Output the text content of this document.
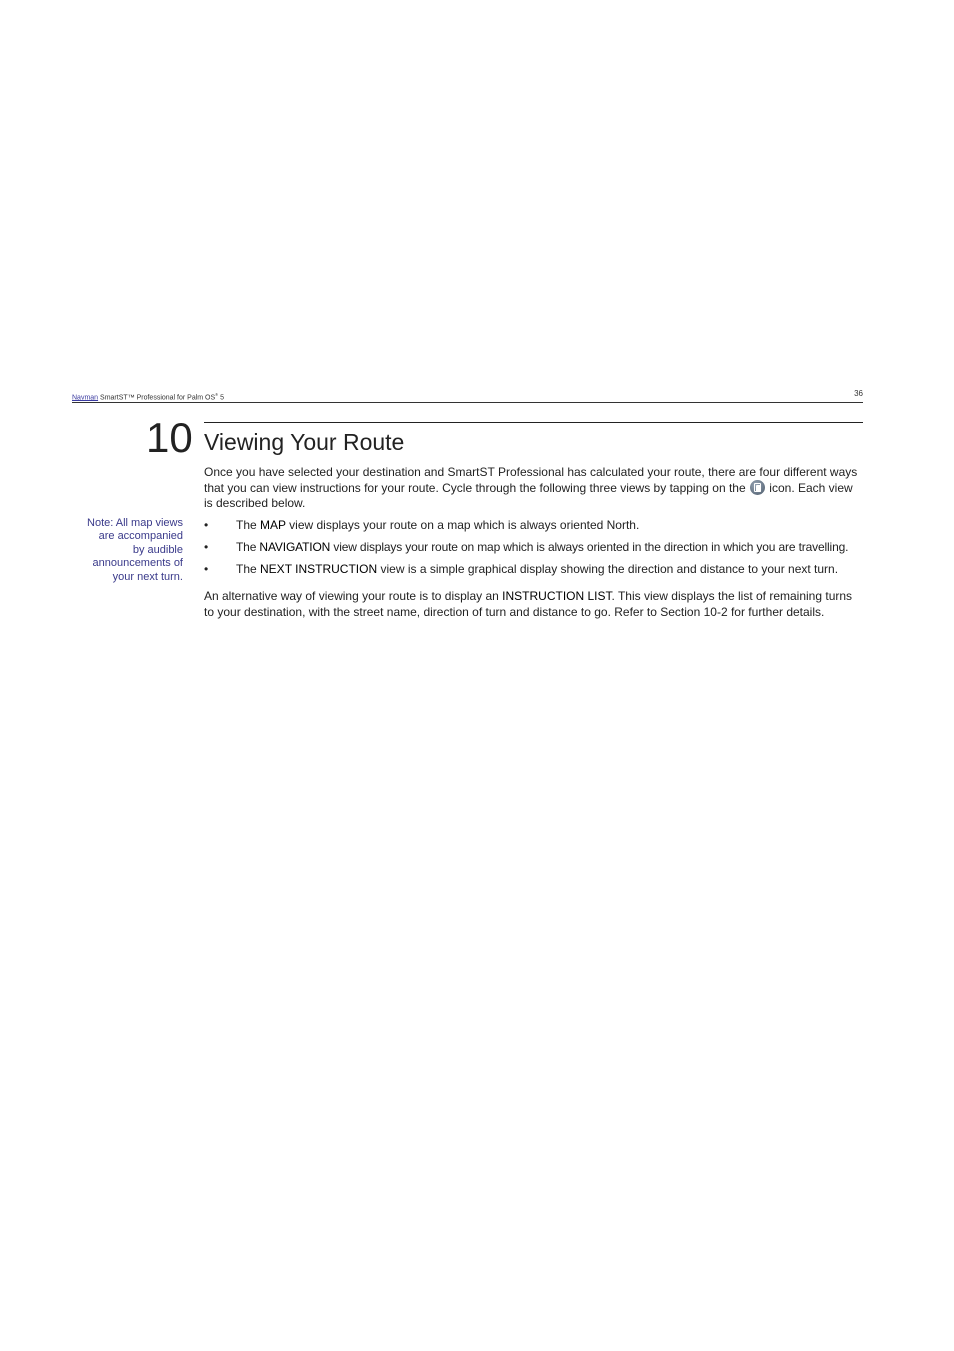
Navman SmartST™ Professional for Palm OS® 5	36
10 Viewing Your Route

Once you have selected your destination and SmartST Professional has calculated your route, there are four different ways that you can view instructions for your route. Cycle through the following three views by tapping on the  icon. Each view is described below.

Note: All map views
are accompanied
by audible
announcements of
your next turn.

• The MAP view displays your route on a map which is always oriented North.
• The NAVIGATION view displays your route on map which is always oriented in the direction in which you are travelling.
• The NEXT INSTRUCTION view is a simple graphical display showing the direction and distance to your next turn.

An alternative way of viewing your route is to display an INSTRUCTION LIST. This view displays the list of remaining turns to your destination, with the street name, direction of turn and distance to go. Refer to Section 10-2 for further details.
